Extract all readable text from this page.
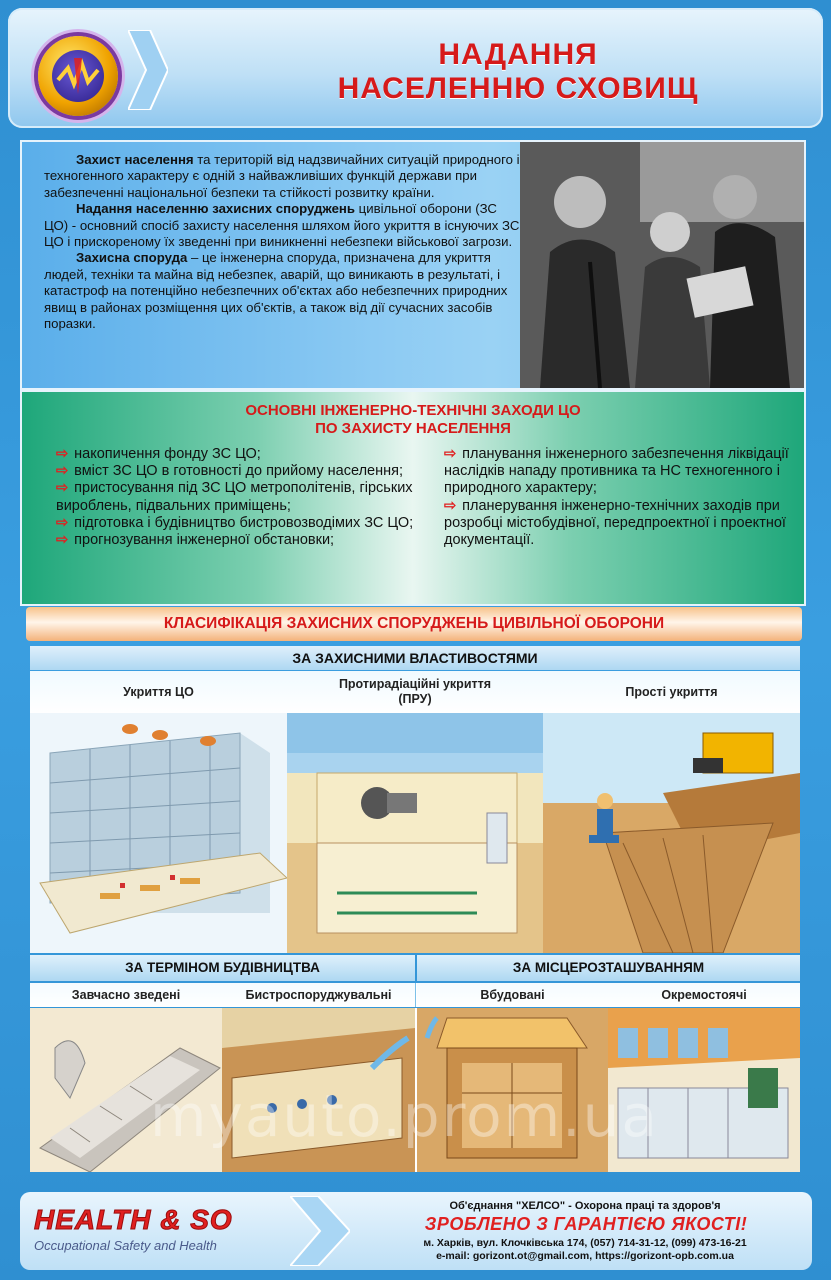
НАДАННЯ
НАСЕЛЕННЮ СХОВИЩ

Захист населення та територій від надзвичайних ситуацій природного і техногенного характеру є одній з найважливіших функцій держави при забезпеченні національної безпеки та стійкості розвитку країни.

Надання населенню захисних споруджень цивільної оборони (ЗС ЦО) - основний спосіб захисту населення шляхом його укриття в існуючих ЗС ЦО і прискореному їх зведенні при виникненні небезпеки військової загрози.

Захисна споруда – це інженерна споруда, призначена для укриття людей, техніки та майна від небезпек, аварій, що виникають в результаті, і катастроф на потенційно небезпечних об'єктах або небезпечних природних явищ в районах розміщення цих об'єктів, а також від дії сучасних засобів поразки.

ОСНОВНІ ІНЖЕНЕРНО-ТЕХНІЧНІ ЗАХОДИ ЦО
ПО ЗАХИСТУ НАСЕЛЕННЯ
⇨ накопичення фонду ЗС ЦО;
⇨ вміст ЗС ЦО в готовності до прийому населення;
⇨ пристосування під ЗС ЦО метрополітенів, гірських вироблень, підвальних приміщень;
⇨ підготовка і будівництво бистровозводімих ЗС ЦО;
⇨ прогнозування інженерної обстановки;
⇨ планування інженерного забезпечення ліквідації наслідків нападу противника та НС техногенного і природного характеру;
⇨ планерування інженерно-технічних заходів при розробці містобудівної, передпроектної і проектної документації.
КЛАСИФІКАЦІЯ ЗАХИСНИХ СПОРУДЖЕНЬ ЦИВІЛЬНОЇ ОБОРОНИ
ЗА ЗАХИСНИМИ ВЛАСТИВОСТЯМИ
Укриття ЦО
Протирадіаційні укриття
(ПРУ)
Прості укриття
ЗА ТЕРМІНОМ БУДІВНИЦТВА	ЗА МІСЦЕРОЗТАШУВАННЯМ
Завчасно зведені	Бистроспоруджувальні	Вбудовані	Окремостоячі
myauto.prom.ua
HEALTH & SO
Occupational Safety and Health
Об'єднання "ХЕЛСО" - Охорона праці та здоров'я
ЗРОБЛЕНО З ГАРАНТІЄЮ ЯКОСТІ!
м. Харків, вул. Клочківська 174, (057) 714-31-12, (099) 473-16-21
e-mail: gorizont.ot@gmail.com, https://gorizont-opb.com.ua
